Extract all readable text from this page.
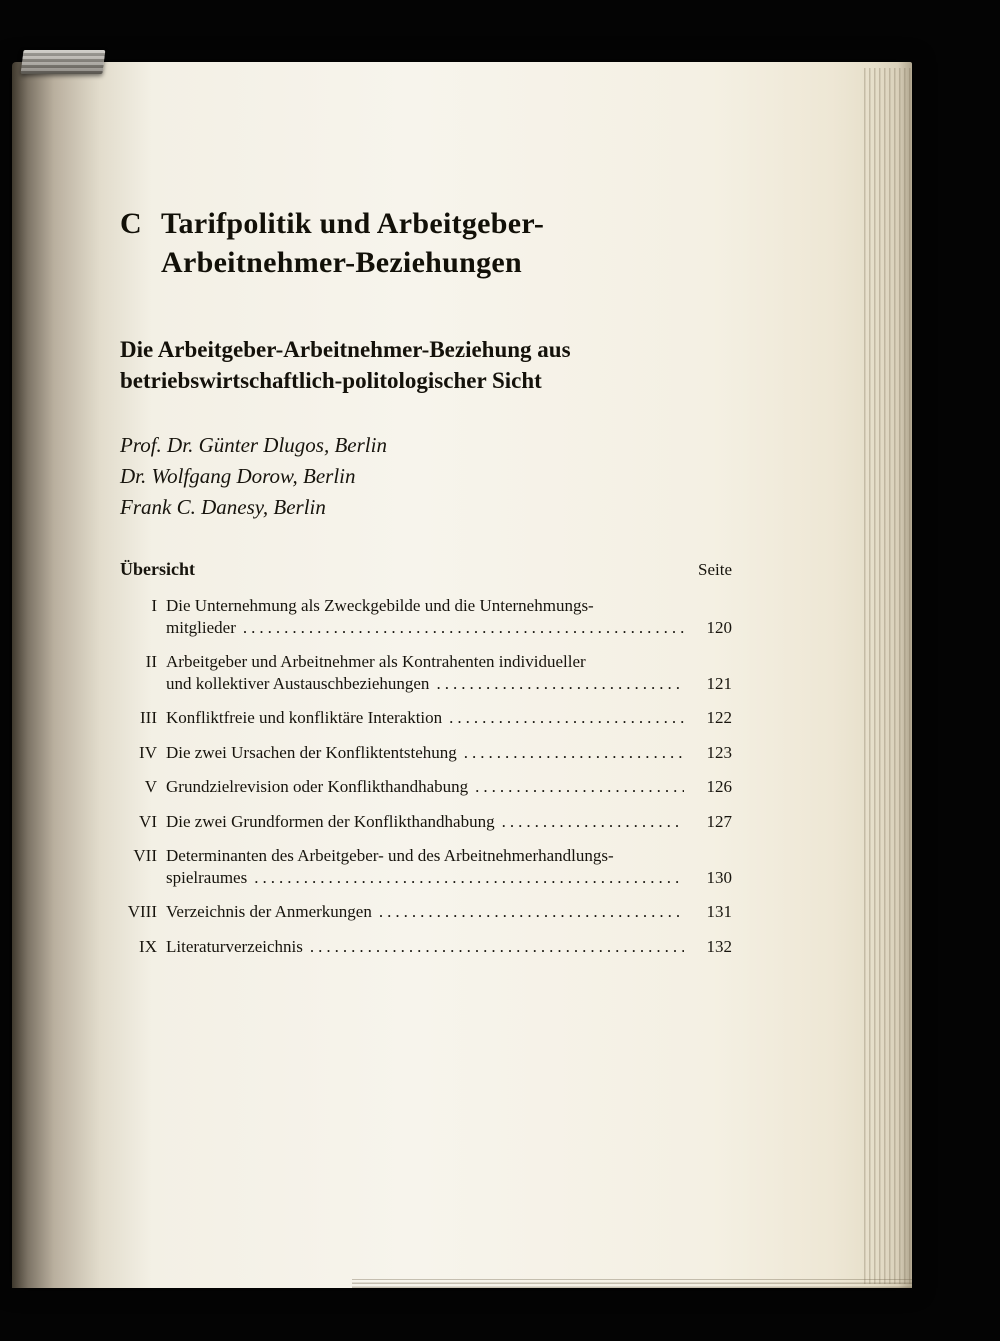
C Tarifpolitik und Arbeitgeber-
Arbeitnehmer-Beziehungen
Die Arbeitgeber-Arbeitnehmer-Beziehung aus
betriebswirtschaftlich-politologischer Sicht
Prof. Dr. Günter Dlugos, Berlin
Dr. Wolfgang Dorow, Berlin
Frank C. Danesy, Berlin
Übersicht	Seite
I Die Unternehmung als Zweckgebilde und die Unternehmungs-
mitglieder .....	120
II Arbeitgeber und Arbeitnehmer als Kontrahenten individueller
und kollektiver Austauschbeziehungen .....	121
III Konfliktfreie und konfliktäre Interaktion .....	122
IV Die zwei Ursachen der Konfliktentstehung .....	123
V Grundzielrevision oder Konflikthandhabung .....	126
VI Die zwei Grundformen der Konflikthandhabung .....	127
VII Determinanten des Arbeitgeber- und des Arbeitnehmerhandlungs-
spielraumes .....	130
VIII Verzeichnis der Anmerkungen .....	131
IX Literaturverzeichnis .....	132
